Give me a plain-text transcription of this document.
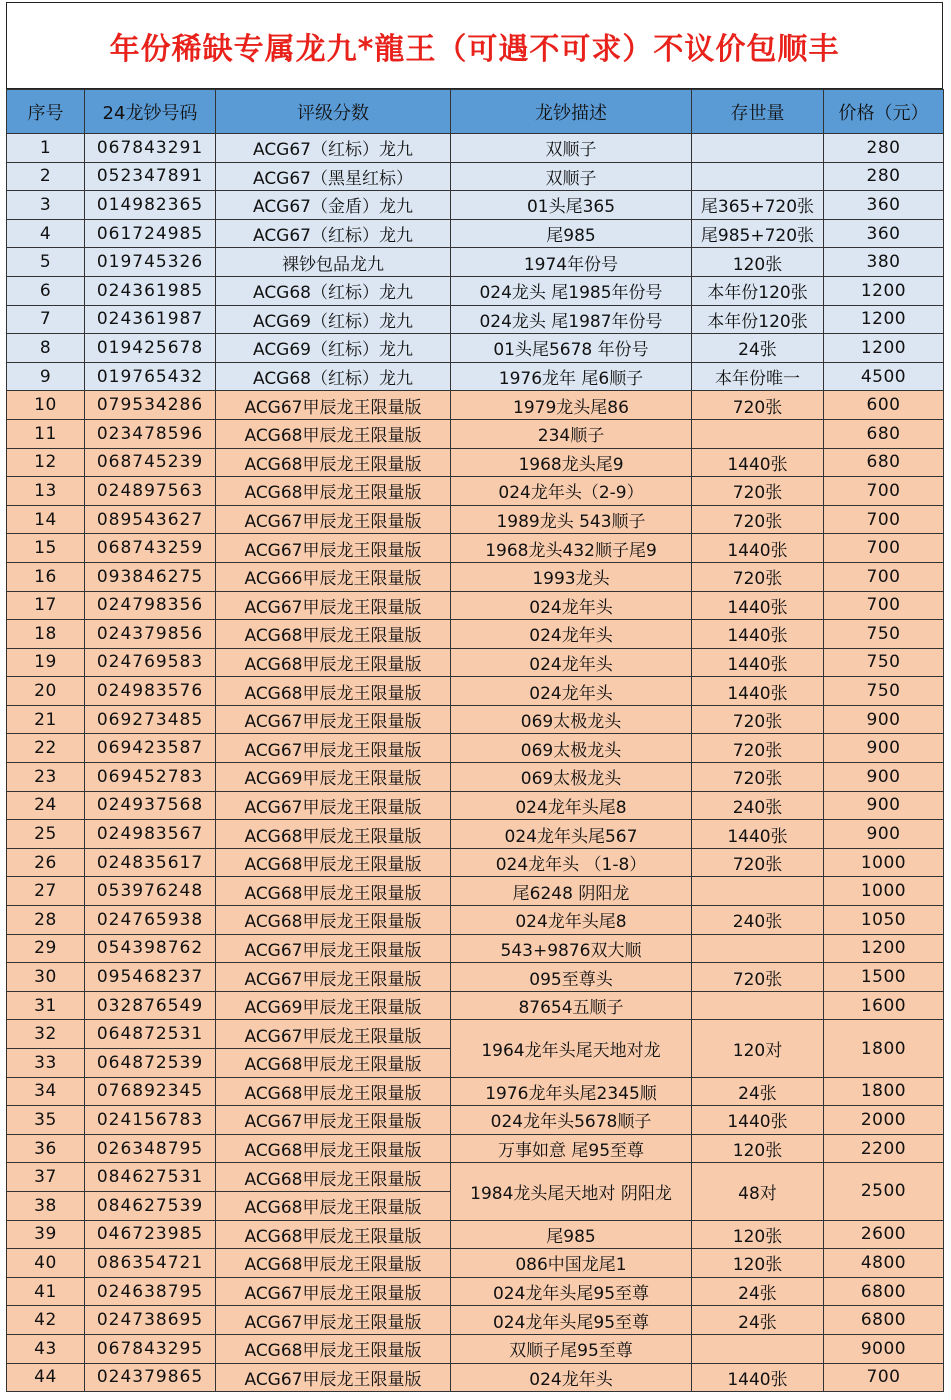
年份稀缺专属龙九*龍王（可遇不可求）不议价包顺丰
序号	24龙钞号码	评级分数	龙钞描述	存世量	价格（元）
1	067843291	ACG67（红标）龙九	双顺子		280
2	052347891	ACG67（黑星红标）	双顺子		280
3	014982365	ACG67（金盾）龙九	01头尾365	尾365+720张	360
4	061724985	ACG67（红标）龙九	尾985	尾985+720张	360
5	019745326	裸钞包品龙九	1974年份号	120张	380
6	024361985	ACG68（红标）龙九	024龙头 尾1985年份号	本年份120张	1200
7	024361987	ACG69（红标）龙九	024龙头 尾1987年份号	本年份120张	1200
8	019425678	ACG69（红标）龙九	01头尾5678 年份号	24张	1200
9	019765432	ACG68（红标）龙九	1976龙年 尾6顺子	本年份唯一	4500
10	079534286	ACG67甲辰龙王限量版	1979龙头尾86	720张	600
11	023478596	ACG68甲辰龙王限量版	234顺子		680
12	068745239	ACG68甲辰龙王限量版	1968龙头尾9	1440张	680
13	024897563	ACG68甲辰龙王限量版	024龙年头（2-9）	720张	700
14	089543627	ACG67甲辰龙王限量版	1989龙头 543顺子	720张	700
15	068743259	ACG67甲辰龙王限量版	1968龙头432顺子尾9	1440张	700
16	093846275	ACG66甲辰龙王限量版	1993龙头	720张	700
17	024798356	ACG67甲辰龙王限量版	024龙年头	1440张	700
18	024379856	ACG68甲辰龙王限量版	024龙年头	1440张	750
19	024769583	ACG68甲辰龙王限量版	024龙年头	1440张	750
20	024983576	ACG68甲辰龙王限量版	024龙年头	1440张	750
21	069273485	ACG67甲辰龙王限量版	069太极龙头	720张	900
22	069423587	ACG67甲辰龙王限量版	069太极龙头	720张	900
23	069452783	ACG69甲辰龙王限量版	069太极龙头	720张	900
24	024937568	ACG67甲辰龙王限量版	024龙年头尾8	240张	900
25	024983567	ACG68甲辰龙王限量版	024龙年头尾567	1440张	900
26	024835617	ACG68甲辰龙王限量版	024龙年头 （1-8）	720张	1000
27	053976248	ACG68甲辰龙王限量版	尾6248 阴阳龙		1000
28	024765938	ACG68甲辰龙王限量版	024龙年头尾8	240张	1050
29	054398762	ACG67甲辰龙王限量版	543+9876双大顺		1200
30	095468237	ACG67甲辰龙王限量版	095至尊头	720张	1500
31	032876549	ACG69甲辰龙王限量版	87654五顺子		1600
32	064872531	ACG67甲辰龙王限量版	1964龙年头尾天地对龙	120对	1800
33	064872539	ACG68甲辰龙王限量版			
34	076892345	ACG68甲辰龙王限量版	1976龙年头尾2345顺	24张	1800
35	024156783	ACG67甲辰龙王限量版	024龙年头5678顺子	1440张	2000
36	026348795	ACG68甲辰龙王限量版	万事如意 尾95至尊	120张	2200
37	084627531	ACG68甲辰龙王限量版	1984龙头尾天地对 阴阳龙	48对	2500
38	084627539	ACG68甲辰龙王限量版			
39	046723985	ACG68甲辰龙王限量版	尾985	120张	2600
40	086354721	ACG68甲辰龙王限量版	086中国龙尾1	120张	4800
41	024638795	ACG67甲辰龙王限量版	024龙年头尾95至尊	24张	6800
42	024738695	ACG67甲辰龙王限量版	024龙年头尾95至尊	24张	6800
43	067843295	ACG68甲辰龙王限量版	双顺子尾95至尊		9000
44	024379865	ACG67甲辰龙王限量版	024龙年头	1440张	700
